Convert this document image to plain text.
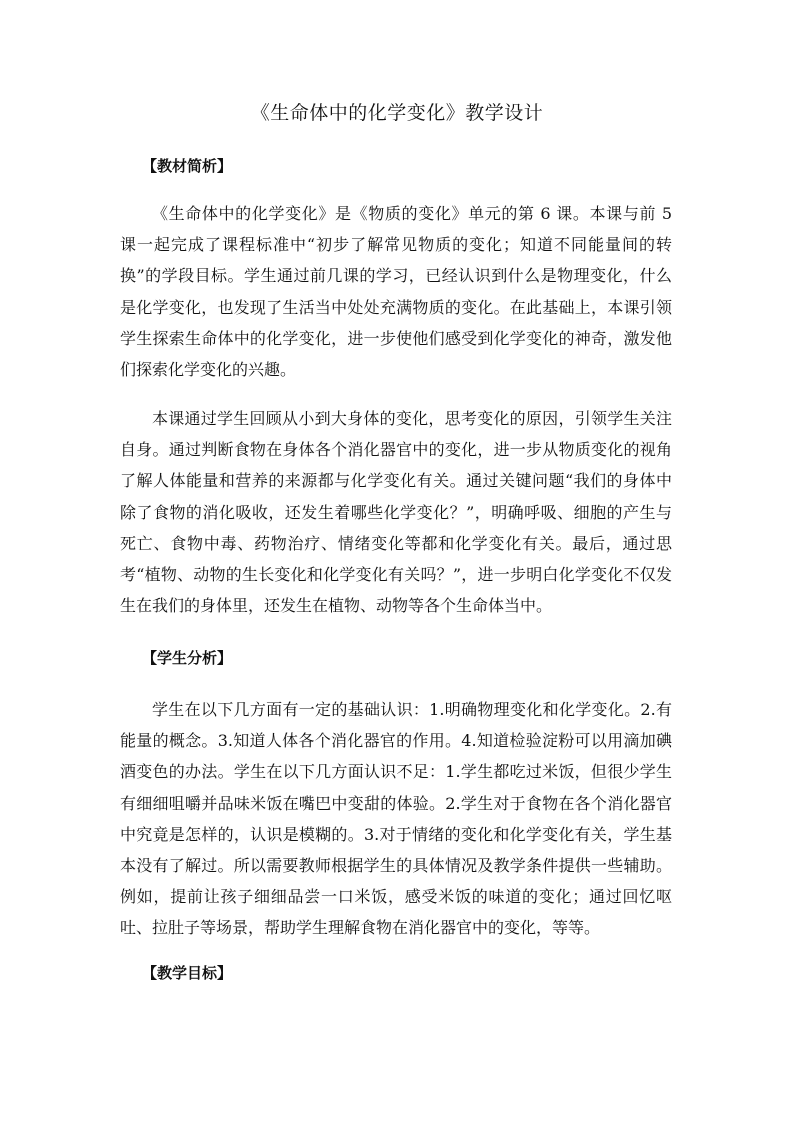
《生命体中的化学变化》教学设计
【教材简析】

《生命体中的化学变化》是《物质的变化》单元的第 6 课。本课与前 5 课一起完成了课程标准中“初步了解常见物质的变化；知道不同能量间的转换”的学段目标。学生通过前几课的学习，已经认识到什么是物理变化，什么是化学变化，也发现了生活当中处处充满物质的变化。在此基础上，本课引领学生探索生命体中的化学变化，进一步使他们感受到化学变化的神奇，激发他们探索化学变化的兴趣。

本课通过学生回顾从小到大身体的变化，思考变化的原因，引领学生关注自身。通过判断食物在身体各个消化器官中的变化，进一步从物质变化的视角了解人体能量和营养的来源都与化学变化有关。通过关键问题“我们的身体中除了食物的消化吸收，还发生着哪些化学变化？”，明确呼吸、细胞的产生与死亡、食物中毒、药物治疗、情绪变化等都和化学变化有关。最后，通过思考“植物、动物的生长变化和化学变化有关吗？”，进一步明白化学变化不仅发生在我们的身体里，还发生在植物、动物等各个生命体当中。

【学生分析】

学生在以下几方面有一定的基础认识：1.明确物理变化和化学变化。2.有能量的概念。3.知道人体各个消化器官的作用。4.知道检验淀粉可以用滴加碘酒变色的办法。学生在以下几方面认识不足：1.学生都吃过米饭，但很少学生有细细咀嚼并品味米饭在嘴巴中变甜的体验。2.学生对于食物在各个消化器官中究竟是怎样的，认识是模糊的。3.对于情绪的变化和化学变化有关，学生基本没有了解过。所以需要教师根据学生的具体情况及教学条件提供一些辅助。例如，提前让孩子细细品尝一口米饭，感受米饭的味道的变化；通过回忆呕吐、拉肚子等场景，帮助学生理解食物在消化器官中的变化，等等。

【教学目标】
